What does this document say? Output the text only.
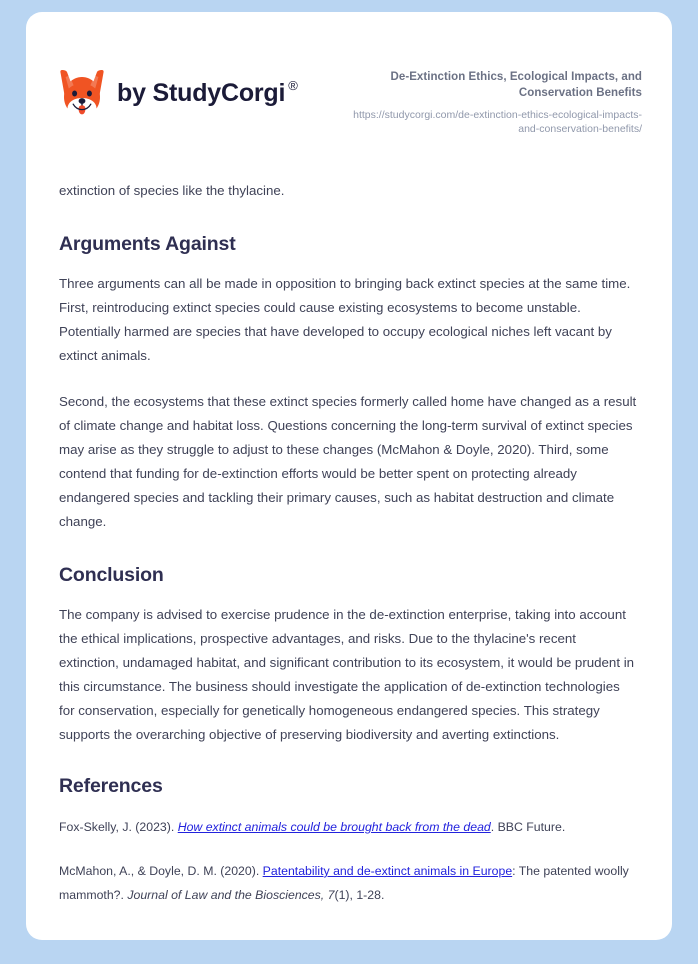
by StudyCorgi ®
De-Extinction Ethics, Ecological Impacts, and Conservation Benefits
https://studycorgi.com/de-extinction-ethics-ecological-impacts-and-conservation-benefits/

extinction of species like the thylacine.

Arguments Against

Three arguments can all be made in opposition to bringing back extinct species at the same time. First, reintroducing extinct species could cause existing ecosystems to become unstable. Potentially harmed are species that have developed to occupy ecological niches left vacant by extinct animals.

Second, the ecosystems that these extinct species formerly called home have changed as a result of climate change and habitat loss. Questions concerning the long-term survival of extinct species may arise as they struggle to adjust to these changes (McMahon & Doyle, 2020). Third, some contend that funding for de-extinction efforts would be better spent on protecting already endangered species and tackling their primary causes, such as habitat destruction and climate change.

Conclusion

The company is advised to exercise prudence in the de-extinction enterprise, taking into account the ethical implications, prospective advantages, and risks. Due to the thylacine's recent extinction, undamaged habitat, and significant contribution to its ecosystem, it would be prudent in this circumstance. The business should investigate the application of de-extinction technologies for conservation, especially for genetically homogeneous endangered species. This strategy supports the overarching objective of preserving biodiversity and averting extinctions.

References

Fox-Skelly, J. (2023). How extinct animals could be brought back from the dead. BBC Future.

McMahon, A., & Doyle, D. M. (2020). Patentability and de-extinct animals in Europe: The patented woolly mammoth?. Journal of Law and the Biosciences, 7(1), 1-28.
